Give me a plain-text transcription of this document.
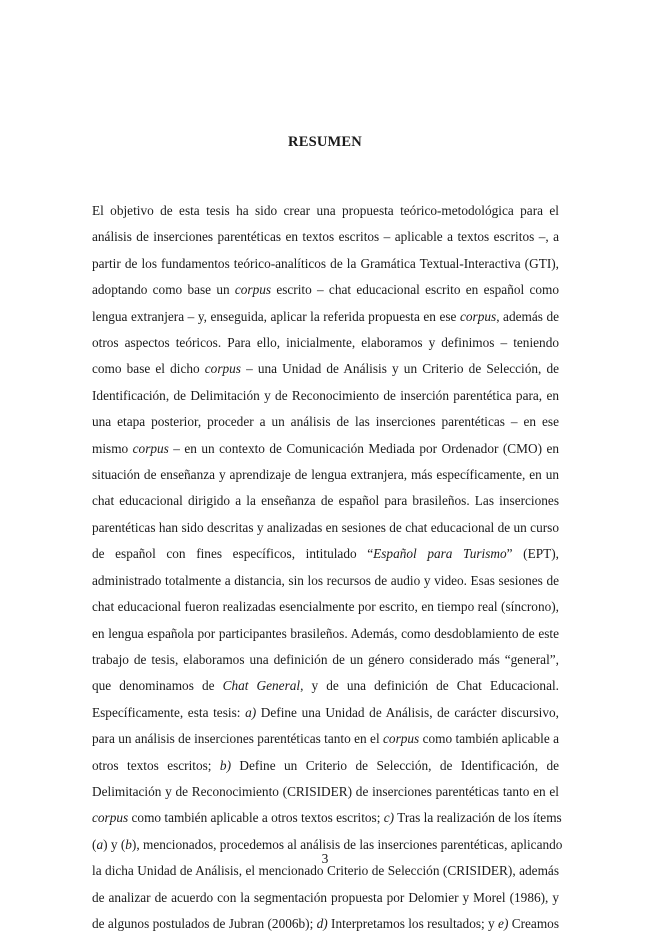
RESUMEN
El objetivo de esta tesis ha sido crear una propuesta teórico-metodológica para el
análisis de inserciones parentéticas en textos escritos – aplicable a textos escritos –, a
partir de los fundamentos teórico-analíticos de la Gramática Textual-Interactiva (GTI),
adoptando como base un corpus escrito – chat educacional escrito en español como
lengua extranjera – y, enseguida, aplicar la referida propuesta en ese corpus, además de
otros aspectos teóricos. Para ello, inicialmente, elaboramos y definimos – teniendo
como base el dicho corpus – una Unidad de Análisis y un Criterio de Selección, de
Identificación, de Delimitación y de Reconocimiento de inserción parentética para, en
una etapa posterior, proceder a un análisis de las inserciones parentéticas – en ese
mismo corpus – en un contexto de Comunicación Mediada por Ordenador (CMO) en
situación de enseñanza y aprendizaje de lengua extranjera, más específicamente, en un
chat educacional dirigido a la enseñanza de español para brasileños. Las inserciones
parentéticas han sido descritas y analizadas en sesiones de chat educacional de un curso
de español con fines específicos, intitulado “Español para Turismo” (EPT),
administrado totalmente a distancia, sin los recursos de audio y video. Esas sesiones de
chat educacional fueron realizadas esencialmente por escrito, en tiempo real (síncrono),
en lengua española por participantes brasileños. Además, como desdoblamiento de este
trabajo de tesis, elaboramos una definición de un género considerado más “general”,
que denominamos de Chat General, y de una definición de Chat Educacional.
Específicamente, esta tesis: a) Define una Unidad de Análisis, de carácter discursivo,
para un análisis de inserciones parentéticas tanto en el corpus como también aplicable a
otros textos escritos; b) Define un Criterio de Selección, de Identificación, de
Delimitación y de Reconocimiento (CRISIDER) de inserciones parentéticas tanto en el
corpus como también aplicable a otros textos escritos; c) Tras la realización de los ítems
(a) y (b), mencionados, procedemos al análisis de las inserciones parentéticas, aplicando
la dicha Unidad de Análisis, el mencionado Criterio de Selección (CRISIDER), además
de analizar de acuerdo con la segmentación propuesta por Delomier y Morel (1986), y
de algunos postulados de Jubran (2006b); d) Interpretamos los resultados; y e) Creamos
3
